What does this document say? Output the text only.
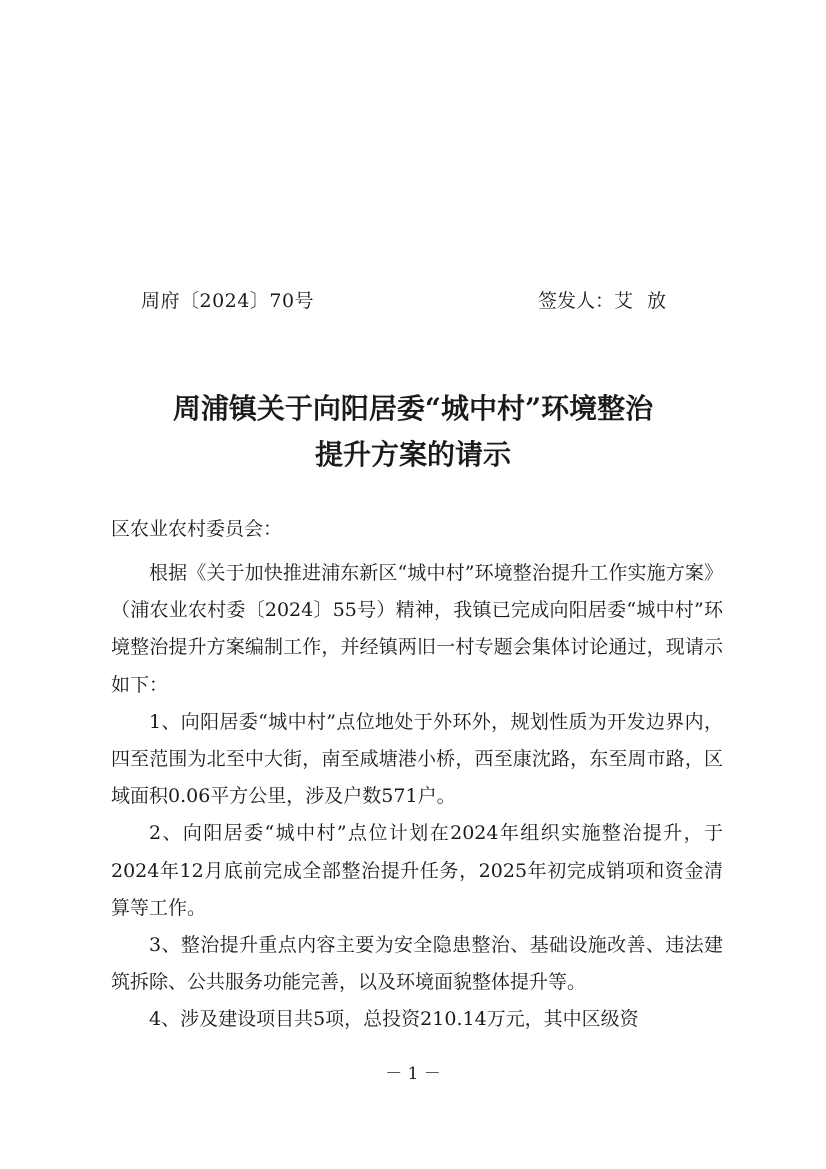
周府〔2024〕70号	签发人：艾放
周浦镇关于向阳居委“城中村”环境整治
提升方案的请示
区农业农村委员会：

根据《关于加快推进浦东新区“城中村”环境整治提升工作实施方案》（浦农业农村委〔2024〕55号）精神，我镇已完成向阳居委“城中村”环境整治提升方案编制工作，并经镇两旧一村专题会集体讨论通过，现请示如下：

1、向阳居委“城中村”点位地处于外环外，规划性质为开发边界内，四至范围为北至中大街，南至咸塘港小桥，西至康沈路，东至周市路，区域面积0.06平方公里，涉及户数571户。

2、向阳居委“城中村”点位计划在2024年组织实施整治提升，于2024年12月底前完成全部整治提升任务，2025年初完成销项和资金清算等工作。

3、整治提升重点内容主要为安全隐患整治、基础设施改善、违法建筑拆除、公共服务功能完善，以及环境面貌整体提升等。

4、涉及建设项目共5项，总投资210.14万元，其中区级资

－ 1 －
